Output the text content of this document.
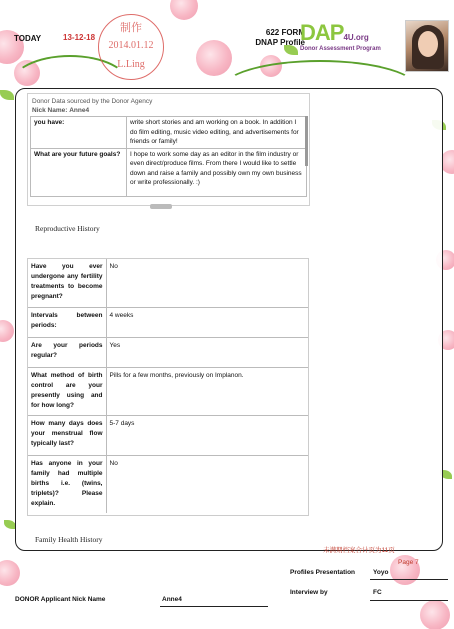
TODAY	13-12-18
制作
2014.01.12
L.Ling
622 FORM
DNAP Profile
DAP4U.org
Donor Assessment Program
Donor Data sourced by the Donor Agency
Nick Name: Anne4
you have:	write short stories and am working on a book. In addition I do film editing, music video editing, and advertisements for friends or family!
What are your future goals?	I hope to work some day as an editor in the film industry or even direct/produce films. From there I would like to settle down and raise a family and possibly own my own business or write professionally. :)
Reproductive History
Have you ever undergone any fertility treatments to become pregnant?	No
Intervals between periods:	4 weeks
Are your periods regular?	Yes
What method of birth control are your presently using and for how long?	Pills for a few months, previously on Implanon.
How many days does your menstrual flow typically last?	5-7 days
Has anyone in your family had multiple births i.e. (twins, triplets)? Please explain.	No
Family Health History
未满期档案合计页为11页
Page 7
Profiles Presentation	Yoyo
Interview by	FC
DONOR Applicant Nick Name	Anne4
